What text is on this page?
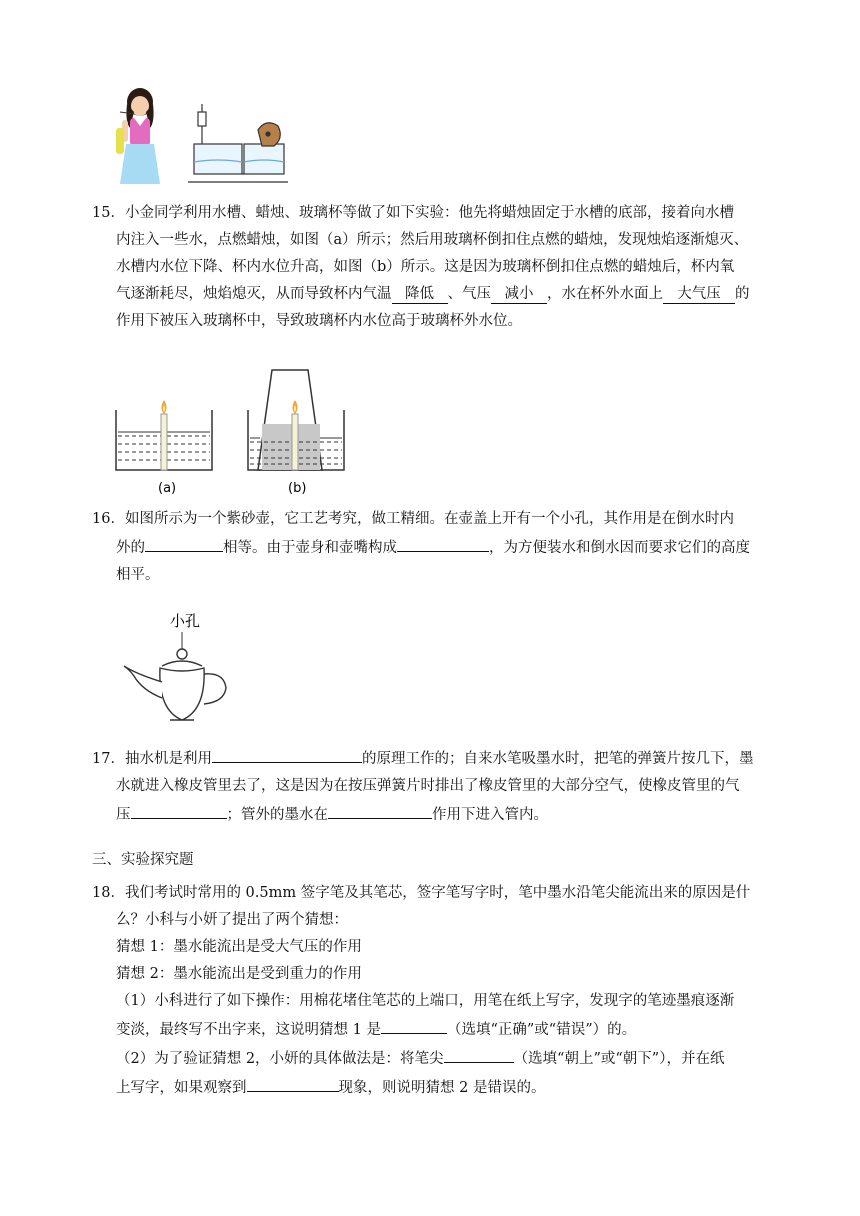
15．小金同学利用水槽、蜡烛、玻璃杯等做了如下实验：他先将蜡烛固定于水槽的底部，接着向水槽

内注入一些水，点燃蜡烛，如图（a）所示；然后用玻璃杯倒扣住点燃的蜡烛，发现烛焰逐渐熄灭、

水槽内水位下降、杯内水位升高，如图（b）所示。这是因为玻璃杯倒扣住点燃的蜡烛后，杯内氧

气逐渐耗尽，烛焰熄灭，从而导致杯内气温 降低 、气压 减小 ，水在杯外水面上 大气压 的

作用下被压入玻璃杯中，导致玻璃杯内水位高于玻璃杯外水位。

(a)	(b)

16．如图所示为一个紫砂壶，它工艺考究，做工精细。在壶盖上开有一个小孔，其作用是在倒水时内

外的	相等。由于壶身和壶嘴构成	，为方便装水和倒水因而要求它们的高度

相平。

小孔

17．抽水机是利用	的原理工作的；自来水笔吸墨水时，把笔的弹簧片按几下，墨

水就进入橡皮管里去了，这是因为在按压弹簧片时排出了橡皮管里的大部分空气，使橡皮管里的气

压	；管外的墨水在	作用下进入管内。

三、实验探究题

18．我们考试时常用的 0.5mm 签字笔及其笔芯，签字笔写字时，笔中墨水沿笔尖能流出来的原因是什

么？小科与小妍了提出了两个猜想：

猜想 1：墨水能流出是受大气压的作用

猜想 2：墨水能流出是受到重力的作用

（1）小科进行了如下操作：用棉花堵住笔芯的上端口，用笔在纸上写字，发现字的笔迹墨痕逐渐

变淡，最终写不出字来，这说明猜想 1 是	（选填“正确”或“错误”）的。

（2）为了验证猜想 2，小妍的具体做法是：将笔尖	（选填“朝上”或“朝下”），并在纸

上写字，如果观察到	现象，则说明猜想 2 是错误的。
